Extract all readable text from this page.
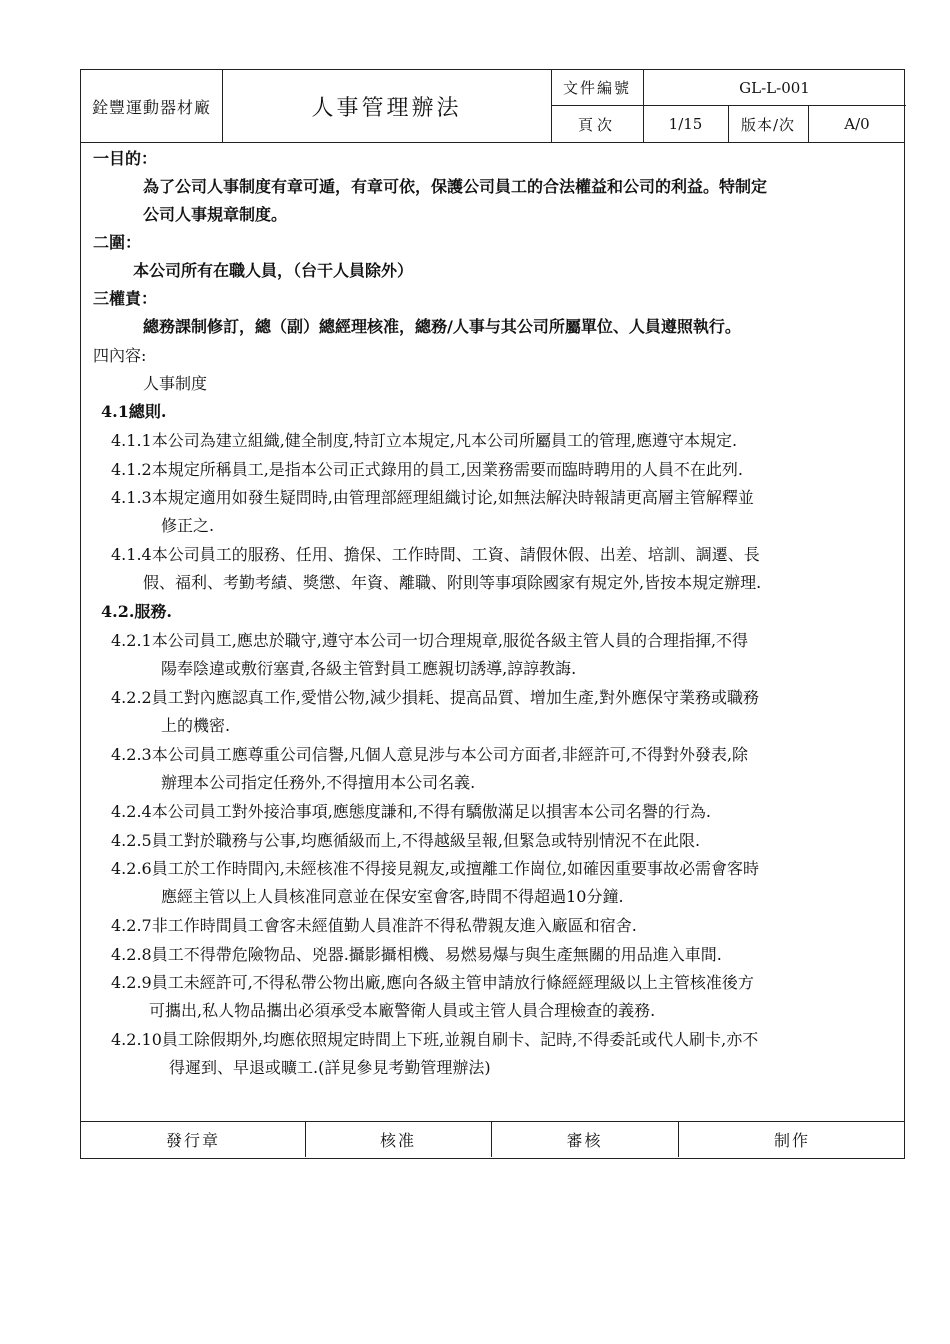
銓豐運動器材廠	人事管理辦法
文件編號	GL-L-001
頁次	1/15	版本/次	A/0
一目的：
為了公司人事制度有章可遁，有章可依，保護公司員工的合法權益和公司的利益。特制定
公司人事規章制度。
二圍：
本公司所有在職人員，（台干人員除外）
三權責：
總務課制修訂，總（副）總經理核准，總務/人事与其公司所屬單位、人員遵照執行。
四內容:
人事制度
4.1總則.
4.1.1本公司為建立組織,健全制度,特訂立本規定,凡本公司所屬員工的管理,應遵守本規定.
4.1.2本規定所稱員工,是指本公司正式錄用的員工,因業務需要而臨時聘用的人員不在此列.
4.1.3本規定適用如發生疑問時,由管理部經理組織讨论,如無法解決時報請更高層主管解釋並
修正之.
4.1.4本公司員工的服務、任用、擔保、工作時間、工資、請假休假、出差、培訓、調遷、長
假、福利、考勤考績、獎懲、年資、離職、附則等事項除國家有規定外,皆按本規定辦理.
4.2.服務.
4.2.1本公司員工,應忠於職守,遵守本公司一切合理規章,服從各級主管人員的合理指揮,不得
陽奉陰違或敷衍塞責,各級主管對員工應親切誘導,諄諄教誨.
4.2.2員工對內應認真工作,愛惜公物,減少損耗、提高品質、增加生產,對外應保守業務或職務
上的機密.
4.2.3本公司員工應尊重公司信譽,凡個人意見涉与本公司方面者,非經許可,不得對外發表,除
辦理本公司指定任務外,不得擅用本公司名義.
4.2.4本公司員工對外接洽事項,應態度謙和,不得有驕傲滿足以損害本公司名譽的行為.
4.2.5員工對於職務与公事,均應循級而上,不得越級呈報,但緊急或特别情況不在此限.
4.2.6員工於工作時間內,未經核准不得接見親友,或擅離工作崗位,如確因重要事故必需會客時
應經主管以上人員核准同意並在保安室會客,時間不得超過10分鐘.
4.2.7非工作時間員工會客未經值勤人員准許不得私帶親友進入廠區和宿舍.
4.2.8員工不得帶危險物品、兇器.攝影攝相機、易燃易爆与與生產無關的用品進入車間.
4.2.9員工未經許可,不得私帶公物出廠,應向各級主管申請放行條經經理級以上主管核准後方
可攜出,私人物品攜出必須承受本廠警衛人員或主管人員合理檢查的義務.
4.2.10員工除假期外,均應依照規定時間上下班,並親自刷卡、記時,不得委託或代人刷卡,亦不
得遲到、早退或曠工.(詳見參見考勤管理辦法)
發行章	核准	審核	制作
